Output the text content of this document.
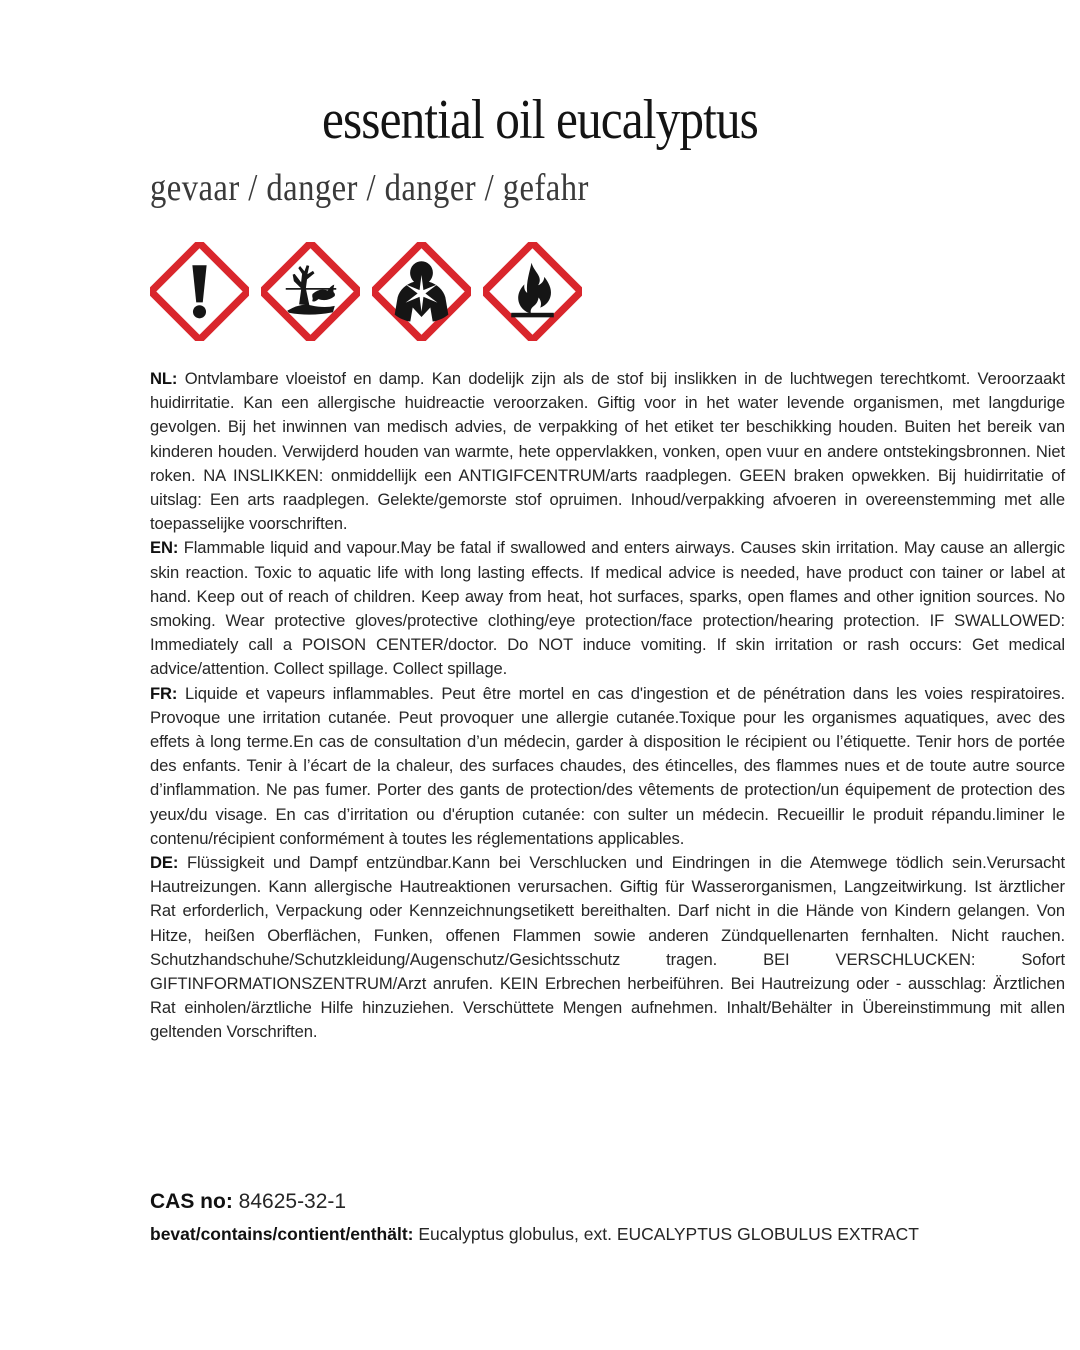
essential oil eucalyptus
gevaar / danger / danger / gefahr

NL: Ontvlambare vloeistof en damp. Kan dodelijk zijn als de stof bij inslikken in de luchtwegen terechtkomt. Veroorzaakt huidirritatie. Kan een allergische huidreactie veroorzaken. Giftig voor in het water levende organismen, met langdurige gevolgen. Bij het inwinnen van medisch advies, de verpakking of het etiket ter beschikking houden. Buiten het bereik van kinderen houden. Verwijderd houden van warmte, hete oppervlakken, vonken, open vuur en andere ontstekingsbronnen. Niet roken. NA INSLIKKEN: onmiddellijk een ANTIGIFCENTRUM/arts raadplegen. GEEN braken opwekken. Bij huidirritatie of uitslag: Een arts raadplegen. Gelekte/gemorste stof opruimen. Inhoud/verpakking afvoeren in overeenstemming met alle toepasselijke voorschriften.

EN: Flammable liquid and vapour.May be fatal if swallowed and enters airways. Causes skin irritation. May cause an allergic skin reaction. Toxic to aquatic life with long lasting effects. If medical advice is needed, have product con tainer or label at hand. Keep out of reach of children. Keep away from heat, hot surfaces, sparks, open flames and other ignition sources. No smoking. Wear protective gloves/protective clothing/eye protection/face protection/hearing protection. IF SWALLOWED: Immediately call a POISON CENTER/doctor. Do NOT induce vomiting. If skin irritation or rash occurs: Get medical advice/attention. Collect spillage. Collect spillage.

FR: Liquide et vapeurs inflammables. Peut être mortel en cas d'ingestion et de pénétration dans les voies respiratoires. Provoque une irritation cutanée. Peut provoquer une allergie cutanée.Toxique pour les organismes aquatiques, avec des effets à long terme.En cas de consultation d’un médecin, garder à disposition le récipient ou l’étiquette. Tenir hors de portée des enfants. Tenir à l’écart de la chaleur, des surfaces chaudes, des étincelles, des flammes nues et de toute autre source d’inflammation. Ne pas fumer. Porter des gants de protection/des vêtements de protection/un équipement de protection des yeux/du visage. En cas d’irritation ou d'éruption cutanée: con sulter un médecin. Recueillir le produit répandu.liminer le contenu/récipient conformément à toutes les réglementations applicables.

DE: Flüssigkeit und Dampf entzündbar.Kann bei Verschlucken und Eindringen in die Atemwege tödlich sein.Verursacht Hautreizungen. Kann allergische Hautreaktionen verursachen. Giftig für Wasserorganismen, Langzeitwirkung. Ist ärztlicher Rat erforderlich, Verpackung oder Kennzeichnungsetikett bereithalten. Darf nicht in die Hände von Kindern gelangen. Von Hitze, heißen Oberflächen, Funken, offenen Flammen sowie anderen Zündquellenarten fernhalten. Nicht rauchen. Schutzhandschuhe/Schutzkleidung/Augenschutz/Gesichtsschutz tragen. BEI VERSCHLUCKEN: Sofort GIFTINFORMATIONSZENTRUM/Arzt anrufen. KEIN Erbrechen herbeiführen. Bei Hautreizung oder - ausschlag: Ärztlichen Rat einholen/ärztliche Hilfe hinzuziehen. Verschüttete Mengen aufnehmen. Inhalt/Behälter in Übereinstimmung mit allen geltenden Vorschriften.

CAS no: 84625-32-1

bevat/contains/contient/enthält: Eucalyptus globulus, ext. EUCALYPTUS GLOBULUS EXTRACT
